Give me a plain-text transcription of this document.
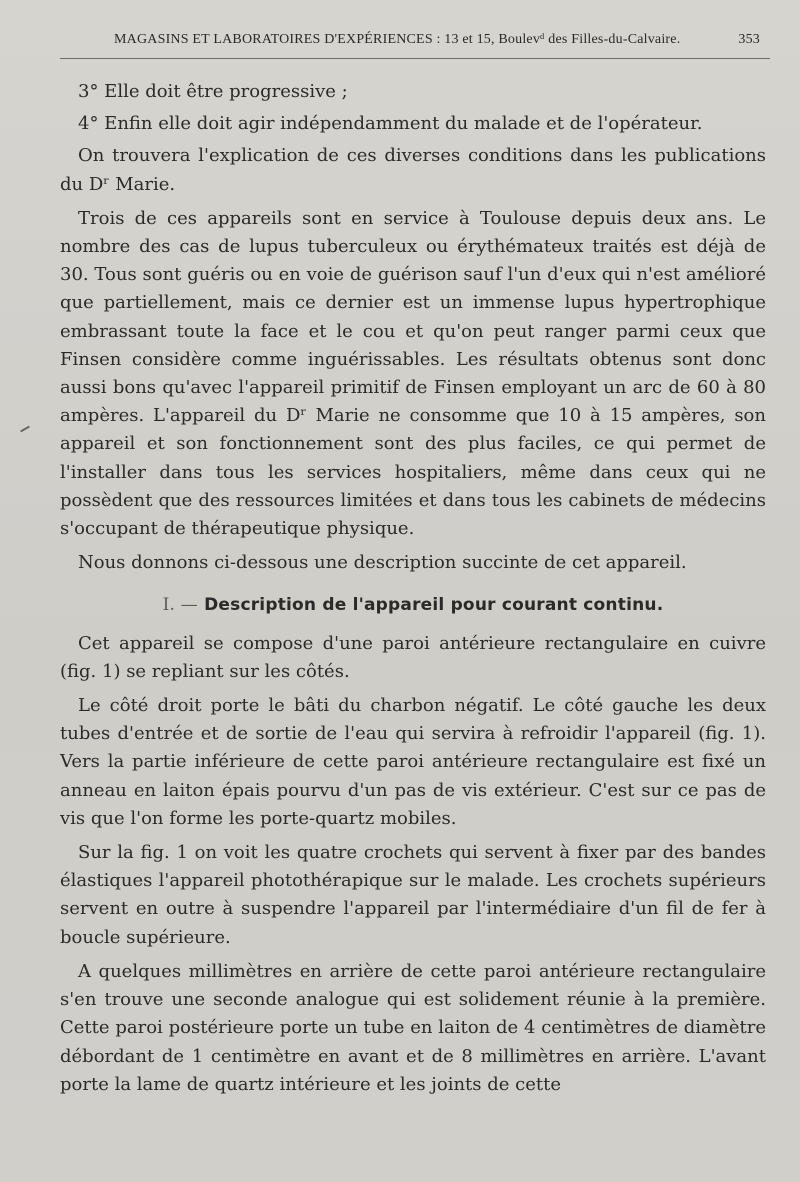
MAGASINS ET LABORATOIRES D'EXPÉRIENCES : 13 et 15, Boulevᵈ des Filles-du-Calvaire.	353

3° Elle doit être progressive ;

4° Enfin elle doit agir indépendamment du malade et de l'opérateur.

On trouvera l'explication de ces diverses conditions dans les publications du Dʳ Marie.

Trois de ces appareils sont en service à Toulouse depuis deux ans. Le nombre des cas de lupus tuberculeux ou érythémateux traités est déjà de 30. Tous sont guéris ou en voie de guérison sauf l'un d'eux qui n'est amélioré que partiellement, mais ce dernier est un immense lupus hypertrophique embrassant toute la face et le cou et qu'on peut ranger parmi ceux que Finsen considère comme inguérissables. Les résultats obtenus sont donc aussi bons qu'avec l'appareil primitif de Finsen employant un arc de 60 à 80 ampères. L'appareil du Dʳ Marie ne consomme que 10 à 15 ampères, son appareil et son fonctionnement sont des plus faciles, ce qui permet de l'installer dans tous les services hospitaliers, même dans ceux qui ne possèdent que des ressources limitées et dans tous les cabinets de médecins s'occupant de thérapeutique physique.

Nous donnons ci-dessous une description succinte de cet appareil.

I. — Description de l'appareil pour courant continu.

Cet appareil se compose d'une paroi antérieure rectangulaire en cuivre (fig. 1) se repliant sur les côtés.

Le côté droit porte le bâti du charbon négatif. Le côté gauche les deux tubes d'entrée et de sortie de l'eau qui servira à refroidir l'appareil (fig. 1). Vers la partie inférieure de cette paroi antérieure rectangulaire est fixé un anneau en laiton épais pourvu d'un pas de vis extérieur. C'est sur ce pas de vis que l'on forme les porte-quartz mobiles.

Sur la fig. 1 on voit les quatre crochets qui servent à fixer par des bandes élastiques l'appareil photothérapique sur le malade. Les crochets supérieurs servent en outre à suspendre l'appareil par l'intermédiaire d'un fil de fer à boucle supérieure.

A quelques millimètres en arrière de cette paroi antérieure rectangulaire s'en trouve une seconde analogue qui est solidement réunie à la première. Cette paroi postérieure porte un tube en laiton de 4 centimètres de diamètre débordant de 1 centimètre en avant et de 8 millimètres en arrière. L'avant porte la lame de quartz intérieure et les joints de cette
